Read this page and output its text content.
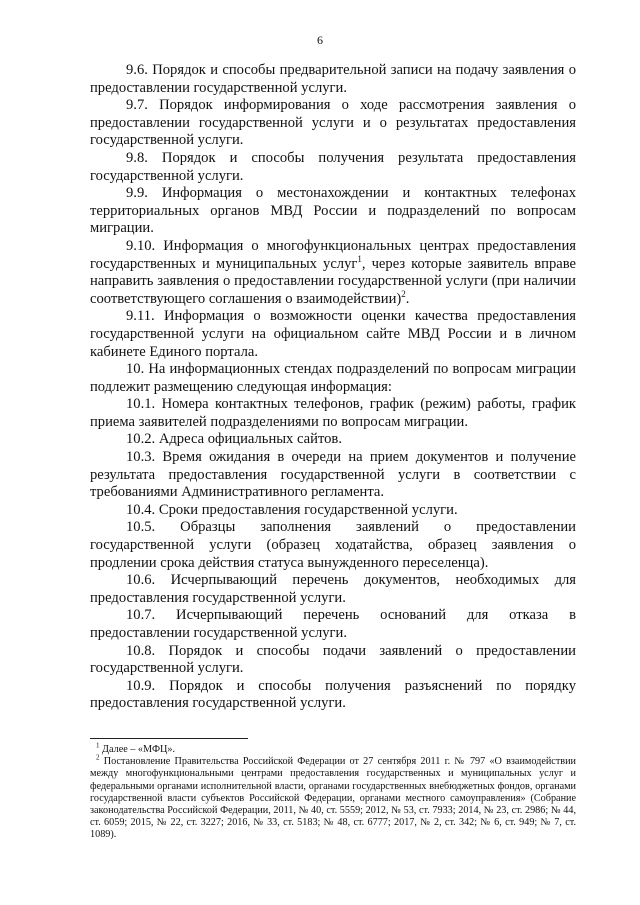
6

9.6. Порядок и способы предварительной записи на подачу заявления о предоставлении государственной услуги.

9.7. Порядок информирования о ходе рассмотрения заявления о предоставлении государственной услуги и о результатах предоставления государственной услуги.

9.8. Порядок и способы получения результата предоставления государственной услуги.

9.9. Информация о местонахождении и контактных телефонах территориальных органов МВД России и подразделений по вопросам миграции.

9.10. Информация о многофункциональных центрах предоставления государственных и муниципальных услуг$^1$, через которые заявитель вправе направить заявления о предоставлении государственной услуги (при наличии соответствующего соглашения о взаимодействии)$^2$.

9.11. Информация о возможности оценки качества предоставления государственной услуги на официальном сайте МВД России и в личном кабинете Единого портала.

10. На информационных стендах подразделений по вопросам миграции подлежит размещению следующая информация:

10.1. Номера контактных телефонов, график (режим) работы, график приема заявителей подразделениями по вопросам миграции.

10.2. Адреса официальных сайтов.

10.3. Время ожидания в очереди на прием документов и получение результата предоставления государственной услуги в соответствии с требованиями Административного регламента.

10.4. Сроки предоставления государственной услуги.

10.5. Образцы заполнения заявлений о предоставлении государственной услуги (образец ходатайства, образец заявления о продлении срока действия статуса вынужденного переселенца).

10.6. Исчерпывающий перечень документов, необходимых для предоставления государственной услуги.

10.7. Исчерпывающий перечень оснований для отказа в предоставлении государственной услуги.

10.8. Порядок и способы подачи заявлений о предоставлении государственной услуги.

10.9. Порядок и способы получения разъяснений по порядку предоставления государственной услуги.

$^1$ Далее – «МФЦ».

$^2$ Постановление Правительства Российской Федерации от 27 сентября 2011 г. № 797 «О взаимодействии между многофункциональными центрами предоставления государственных и муниципальных услуг и федеральными органами исполнительной власти, органами государственных внебюджетных фондов, органами государственной власти субъектов Российской Федерации, органами местного самоуправления» (Собрание законодательства Российской Федерации, 2011, № 40, ст. 5559; 2012, № 53, ст. 7933; 2014, № 23, ст. 2986; № 44, ст. 6059; 2015, № 22, ст. 3227; 2016, № 33, ст. 5183; № 48, ст. 6777; 2017, № 2, ст. 342; № 6, ст. 949; № 7, ст. 1089).
